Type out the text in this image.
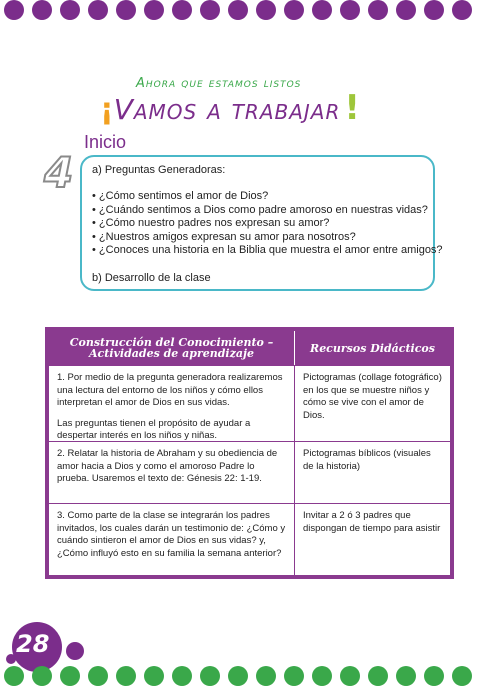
Ahora que estamos listos
¡Vamos a trabajar !
Inicio
4 a) Preguntas Generadoras:

• ¿Cómo sentimos el amor de Dios?
• ¿Cuándo sentimos a Dios como padre amoroso en nuestras vidas?
• ¿Cómo nuestro padres nos expresan su amor?
• ¿Nuestros amigos expresan su amor para nosotros?
• ¿Conoces una historia en la Biblia que muestra el amor entre amigos?

b) Desarrollo de la clase

Construcción del Conocimiento – Actividades de aprendizaje	Recursos Didácticos

1. Por medio de la pregunta generadora realizaremos una lectura del entorno de los niños y cómo ellos interpretan el amor de Dios en sus vidas.

Las preguntas tienen el propósito de ayudar a despertar interés en los niños y niñas.

Pictogramas (collage fotográfico) en los que se muestre niños y cómo se vive con el amor de Dios.

2. Relatar la historia de Abraham y su obediencia de amor hacia a Dios y como el amoroso Padre lo prueba. Usaremos el texto de: Génesis 22: 1-19.

Pictogramas bíblicos (visuales de la historia)

3. Como parte de la clase se integrarán los padres invitados, los cuales darán un testimonio de: ¿Cómo y cuándo sintieron el amor de Dios en sus vidas? y, ¿Cómo influyó esto en su familia la semana anterior?

Invitar a 2 ó 3 padres que dispongan de tiempo para asistir
28
